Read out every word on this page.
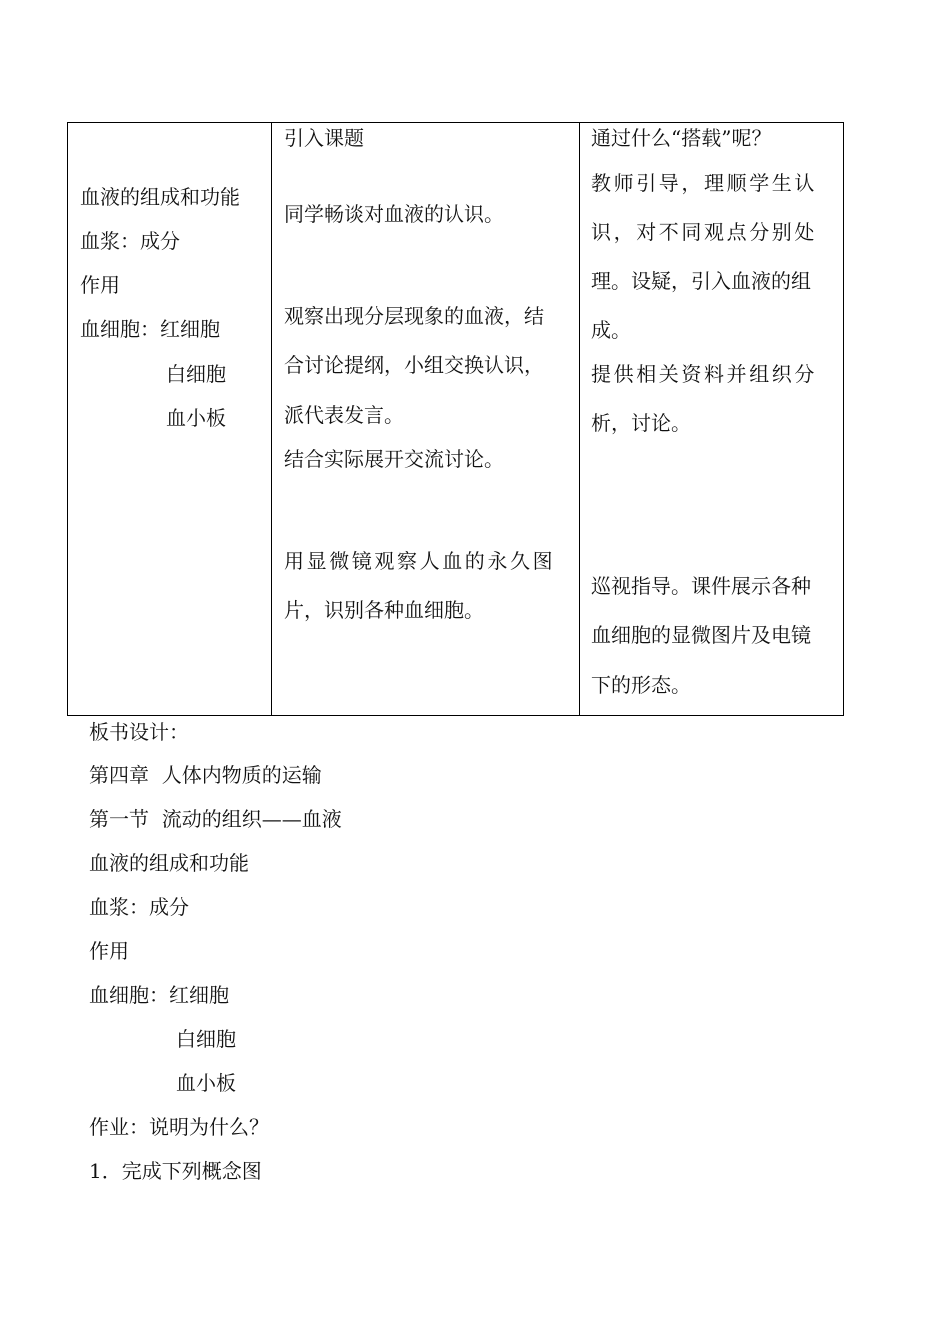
血液的组成和功能
血浆：成分
作用
血细胞：红细胞
白细胞
血小板
引入课题
同学畅谈对血液的认识。
观察出现分层现象的血液，结
合讨论提纲，小组交换认识，
派代表发言。
结合实际展开交流讨论。
用显微镜观察人血的永久图
片，识别各种血细胞。
通过什么“搭载”呢？
教师引导，理顺学生认
识，对不同观点分别处
理。设疑，引入血液的组
成。
提供相关资料并组织分
析，讨论。
巡视指导。课件展示各种
血细胞的显微图片及电镜
下的形态。
板书设计：
第四章  人体内物质的运输
第一节  流动的组织——血液
血液的组成和功能
血浆：成分
作用
血细胞：红细胞
白细胞
血小板
作业：说明为什么？
1．完成下列概念图
